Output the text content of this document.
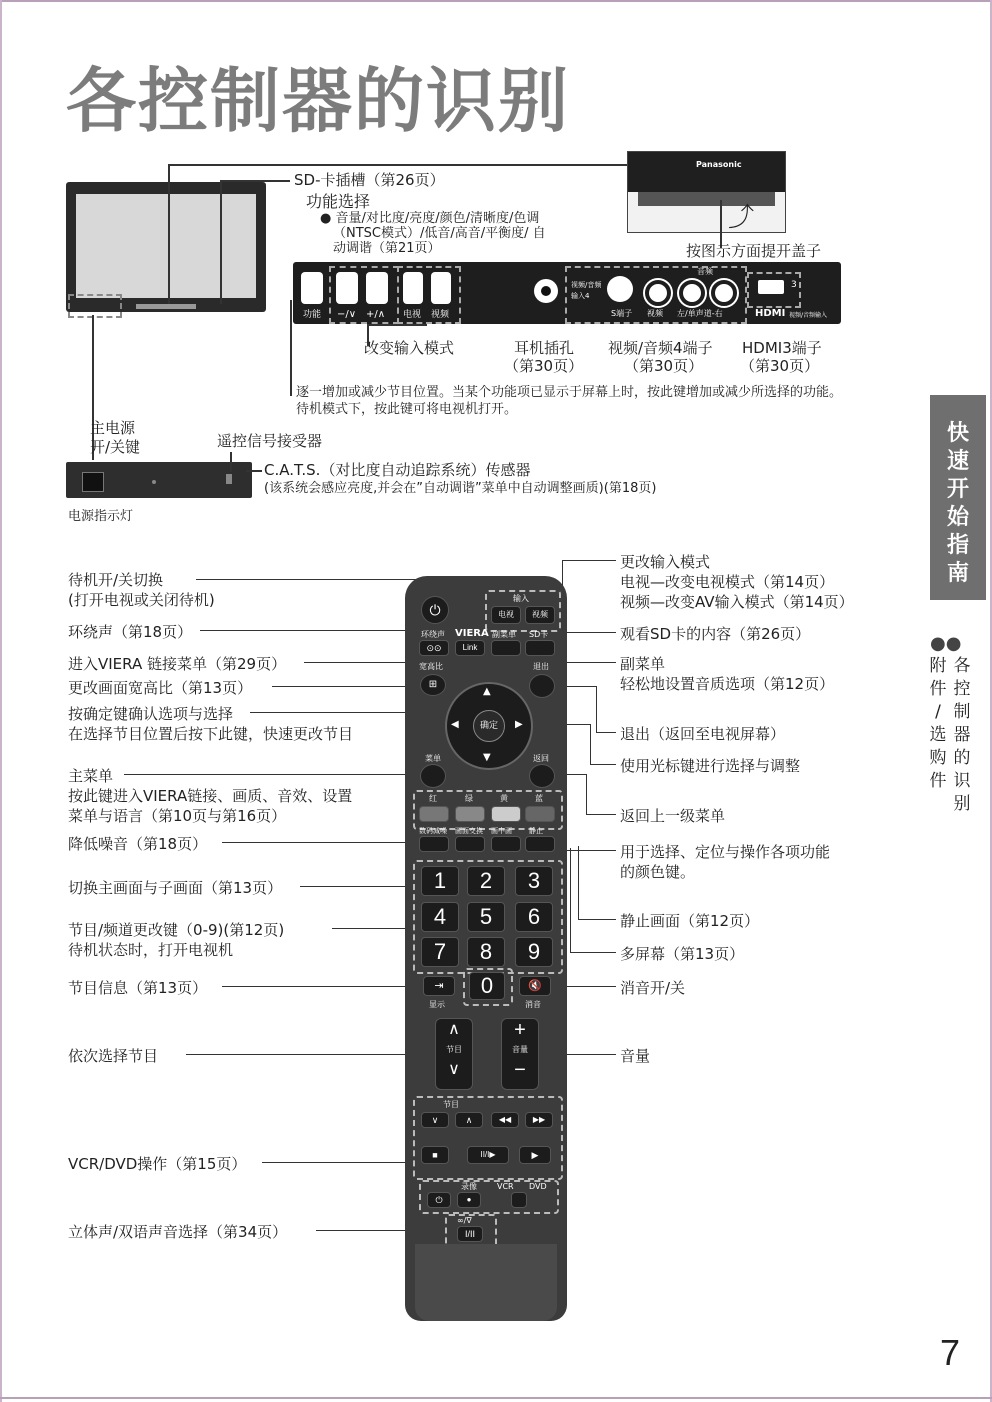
各控制器的识别
SD-卡插槽（第26页）
功能选择
● 音量/对比度/亮度/颜色/清晰度/色调
（NTSC模式）/低音/高音/平衡度/ 自
动调谐（第21页）
Panasonic
⤴
按图示方面提开盖子
功能 −/∨ +/∧ 电视 视频
视频/音频 输入4
S端子 视频
音频
左/单声道-右
3
HDMI 视频/音频输入
改变输入模式	耳机插孔
（第30页）
视频/音频4端子
（第30页）
HDMI3端子
（第30页）
逐一增加或减少节目位置。当某个功能项已显示于屏幕上时，按此键增加或减少所选择的功能。
待机模式下，按此键可将电视机打开。
主电源
开/关键	遥控信号接受器
C.A.T.S.（对比度自动追踪系统）传感器
(该系统会感应亮度,并会在”自动调谐”菜单中自动调整画质)(第18页)
电源指示灯
快
速
开
始
指
南
●●
附
件
/
选
购
件
各
控
制
器
的
识
别
待机开/关切换
(打开电视或关闭待机)
环绕声（第18页）
进入VIERA 链接菜单（第29页）
更改画面宽高比（第13页）
按确定键确认选项与选择
在选择节目位置后按下此键，快速更改节目
主菜单
按此键进入VIERA链接、画质、音效、设置
菜单与语言（第10页与第16页）
降低噪音（第18页）
切换主画面与子画面（第13页）
节目/频道更改键（0-9)(第12页)
待机状态时，打开电视机
节目信息（第13页）
依次选择节目
VCR/DVD操作（第15页）
立体声/双语声音选择（第34页）
更改输入模式
电视—改变电视模式（第14页）
视频—改变AV输入模式（第14页）
观看SD卡的内容（第26页）
副菜单
轻松地设置音质选项（第12页）
退出（返回至电视屏幕）
使用光标键进行选择与调整
返回上一级菜单
用于选择、定位与操作各项功能
的颜色键。
静止画面（第12页）
多屏幕（第13页）
消音开/关
音量
⏻
输入
电视	视频
环绕声
⊙⊙
VIERA
Link
副菜单 SD卡
宽高比
⊞
退出
▲
▼
◀	▶
确定
菜单	返回
红	绿	黄	蓝
数码减噪 画面交换 画中画 静止
1	2	3
4	5	6
7	8	9
0
⇥
显示
🔇
消音
∧
节目
∨
+
音量
−
节目
∨	∧	◀◀	▶▶
■	II/I▶	▶
录像	VCR DVD
⏻	●
∞/∇
I/II
7
